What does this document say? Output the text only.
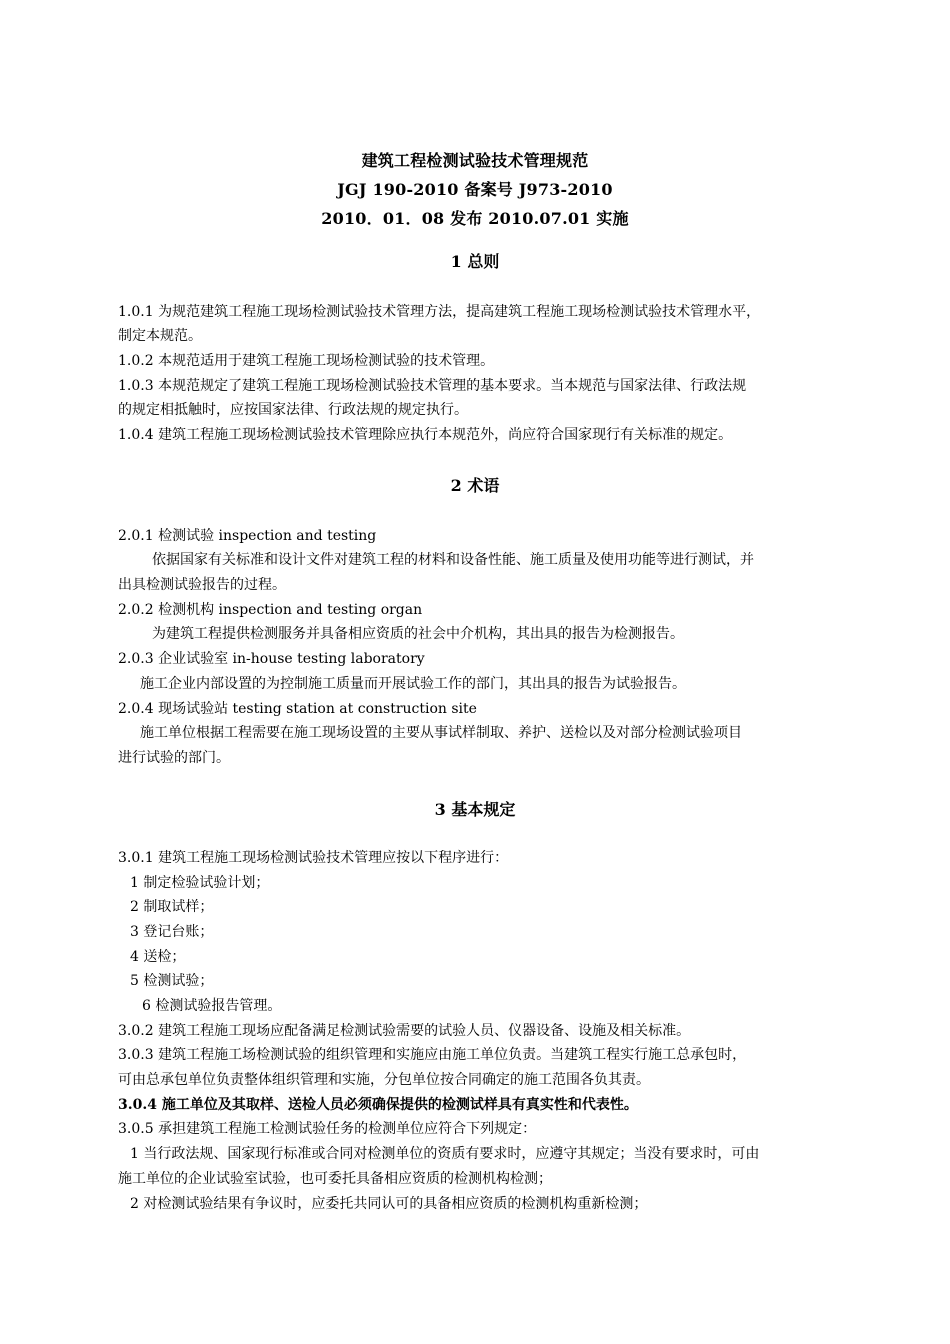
建筑工程检测试验技术管理规范
JGJ 190-2010 备案号 J973-2010
2010．01．08 发布 2010.07.01 实施
1 总则
1.0.1 为规范建筑工程施工现场检测试验技术管理方法，提高建筑工程施工现场检测试验技术管理水平，
制定本规范。
1.0.2 本规范适用于建筑工程施工现场检测试验的技术管理。
1.0.3 本规范规定了建筑工程施工现场检测试验技术管理的基本要求。当本规范与国家法律、行政法规
的规定相抵触时，应按国家法律、行政法规的规定执行。
1.0.4 建筑工程施工现场检测试验技术管理除应执行本规范外，尚应符合国家现行有关标准的规定。
2 术语
2.0.1 检测试验 inspection and testing
依据国家有关标准和设计文件对建筑工程的材料和设备性能、施工质量及使用功能等进行测试，并
出具检测试验报告的过程。
2.0.2 检测机构 inspection and testing organ
为建筑工程提供检测服务并具备相应资质的社会中介机构，其出具的报告为检测报告。
2.0.3 企业试验室 in-house testing laboratory
施工企业内部设置的为控制施工质量而开展试验工作的部门，其出具的报告为试验报告。
2.0.4 现场试验站 testing station at construction site
施工单位根据工程需要在施工现场设置的主要从事试样制取、养护、送检以及对部分检测试验项目
进行试验的部门。
3 基本规定
3.0.1 建筑工程施工现场检测试验技术管理应按以下程序进行：
1 制定检验试验计划；
2 制取试样；
3 登记台账；
4 送检；
5 检测试验；
6 检测试验报告管理。
3.0.2 建筑工程施工现场应配备满足检测试验需要的试验人员、仪器设备、设施及相关标准。
3.0.3 建筑工程施工场检测试验的组织管理和实施应由施工单位负责。当建筑工程实行施工总承包时，
可由总承包单位负责整体组织管理和实施，分包单位按合同确定的施工范围各负其责。
3.0.4 施工单位及其取样、送检人员必须确保提供的检测试样具有真实性和代表性。
3.0.5 承担建筑工程施工检测试验任务的检测单位应符合下列规定：
1 当行政法规、国家现行标准或合同对检测单位的资质有要求时，应遵守其规定；当没有要求时，可由
施工单位的企业试验室试验，也可委托具备相应资质的检测机构检测；
2 对检测试验结果有争议时，应委托共同认可的具备相应资质的检测机构重新检测；
